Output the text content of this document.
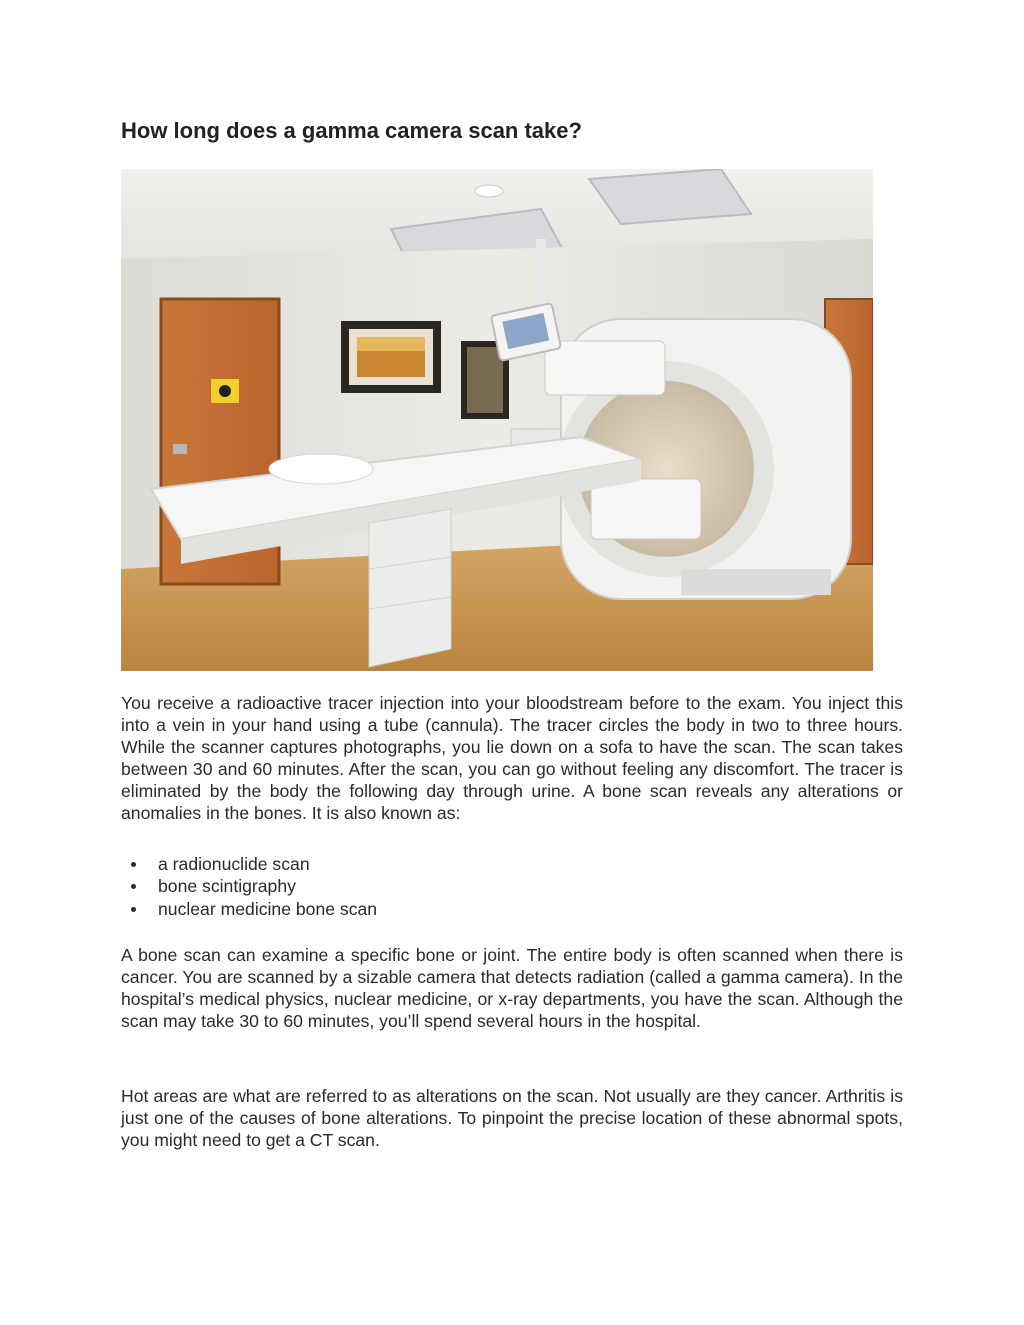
How long does a gamma camera scan take?

You receive a radioactive tracer injection into your bloodstream before to the exam. You inject this into a vein in your hand using a tube (cannula). The tracer circles the body in two to three hours. While the scanner captures photographs, you lie down on a sofa to have the scan. The scan takes between 30 and 60 minutes. After the scan, you can go without feeling any discomfort. The tracer is eliminated by the body the following day through urine. A bone scan reveals any alterations or anomalies in the bones. It is also known as:

a radionuclide scan
bone scintigraphy
nuclear medicine bone scan

A bone scan can examine a specific bone or joint. The entire body is often scanned when there is cancer. You are scanned by a sizable camera that detects radiation (called a gamma camera). In the hospital’s medical physics, nuclear medicine, or x-ray departments, you have the scan. Although the scan may take 30 to 60 minutes, you’ll spend several hours in the hospital.

Hot areas are what are referred to as alterations on the scan. Not usually are they cancer. Arthritis is just one of the causes of bone alterations. To pinpoint the precise location of these abnormal spots, you might need to get a CT scan.
